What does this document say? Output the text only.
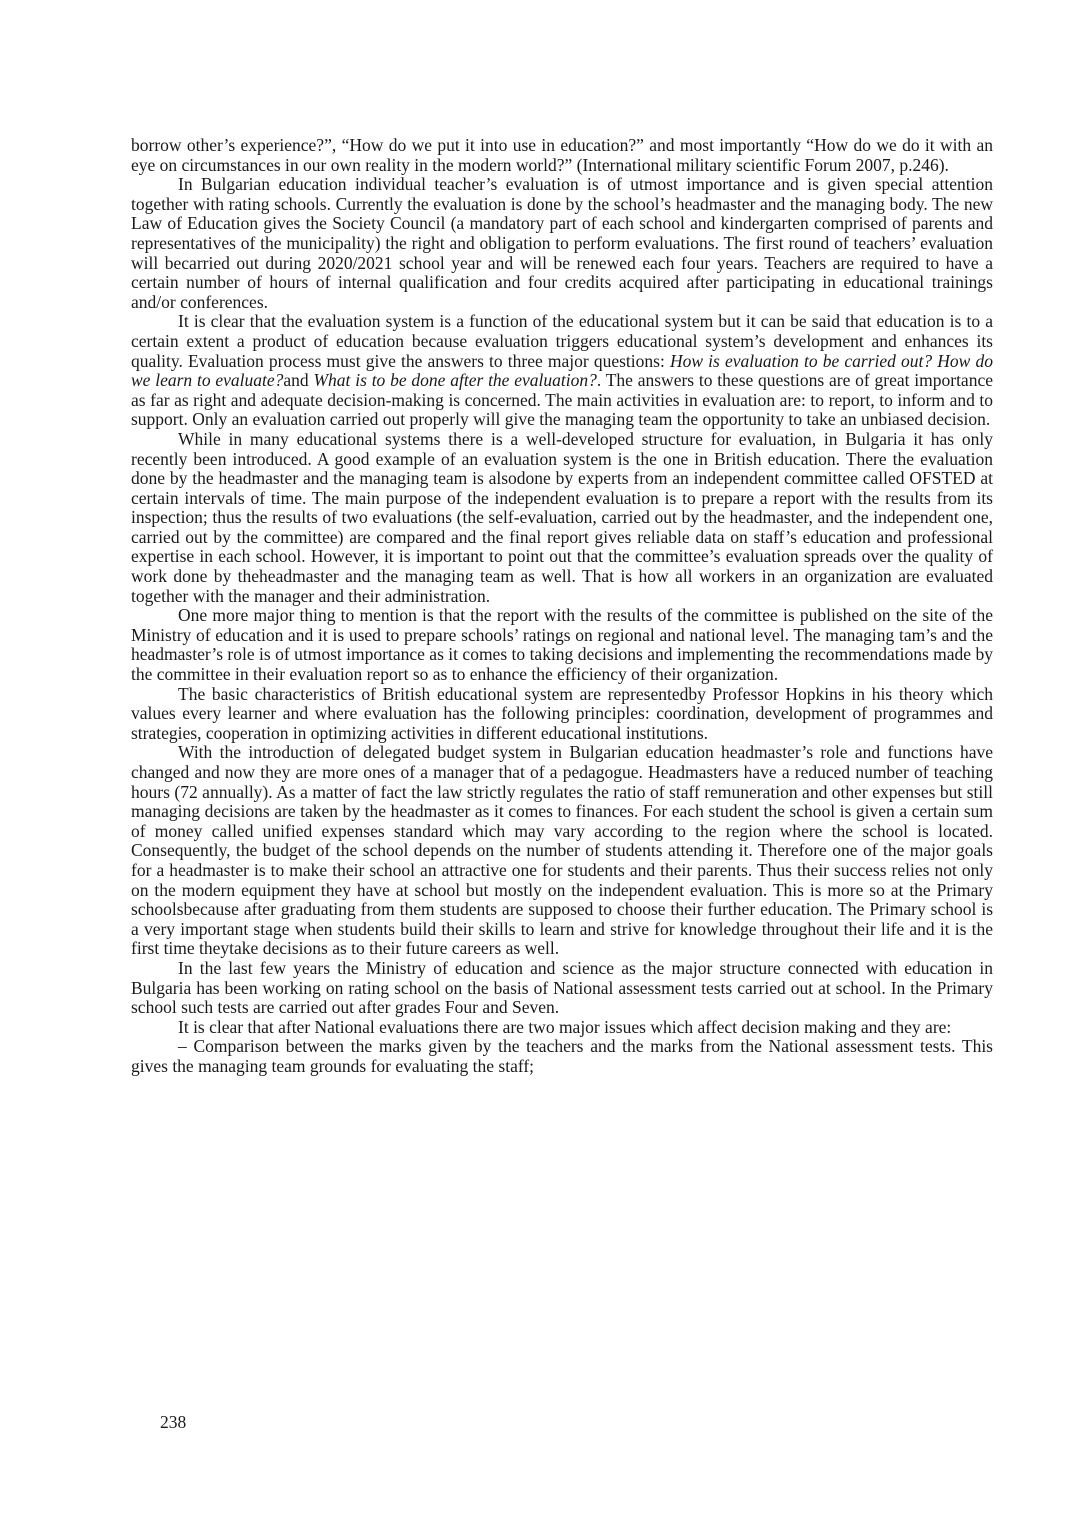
borrow other’s experience?”, “How do we put it into use in education?” and most importantly “How do we do it with an eye on circumstances in our own reality in the modern world?” (International military scientific Forum 2007, p.246).

In Bulgarian education individual teacher’s evaluation is of utmost importance and is given special attention together with rating schools. Currently the evaluation is done by the school’s headmaster and the managing body. The new Law of Education gives the Society Council (a mandatory part of each school and kindergarten comprised of parents and representatives of the municipality) the right and obligation to perform evaluations. The first round of teachers’ evaluation will becarried out during 2020/2021 school year and will be renewed each four years. Teachers are required to have a certain number of hours of internal qualification and four credits acquired after participating in educational trainings and/or conferences.

It is clear that the evaluation system is a function of the educational system but it can be said that education is to a certain extent a product of education because evaluation triggers educational system’s development and enhances its quality. Evaluation process must give the answers to three major questions: How is evaluation to be carried out? How do we learn to evaluate?and What is to be done after the evaluation?. The answers to these questions are of great importance as far as right and adequate decision-making is concerned. The main activities in evaluation are: to report, to inform and to support. Only an evaluation carried out properly will give the managing team the opportunity to take an unbiased decision.

While in many educational systems there is a well-developed structure for evaluation, in Bulgaria it has only recently been introduced. A good example of an evaluation system is the one in British education. There the evaluation done by the headmaster and the managing team is alsodone by experts from an independent committee called OFSTED at certain intervals of time. The main purpose of the independent evaluation is to prepare a report with the results from its inspection; thus the results of two evaluations (the self-evaluation, carried out by the headmaster, and the independent one, carried out by the committee) are compared and the final report gives reliable data on staff’s education and professional expertise in each school. However, it is important to point out that the committee’s evaluation spreads over the quality of work done by theheadmaster and the managing team as well. That is how all workers in an organization are evaluated together with the manager and their administration.

One more major thing to mention is that the report with the results of the committee is published on the site of the Ministry of education and it is used to prepare schools’ ratings on regional and national level. The managing tam’s and the headmaster’s role is of utmost importance as it comes to taking decisions and implementing the recommendations made by the committee in their evaluation report so as to enhance the efficiency of their organization.

The basic characteristics of British educational system are representedby Professor Hopkins in his theory which values every learner and where evaluation has the following principles: coordination, development of programmes and strategies, cooperation in optimizing activities in different educational institutions.

With the introduction of delegated budget system in Bulgarian education headmaster’s role and functions have changed and now they are more ones of a manager that of a pedagogue. Headmasters have a reduced number of teaching hours (72 annually). As a matter of fact the law strictly regulates the ratio of staff remuneration and other expenses but still managing decisions are taken by the headmaster as it comes to finances. For each student the school is given a certain sum of money called unified expenses standard which may vary according to the region where the school is located. Consequently, the budget of the school depends on the number of students attending it. Therefore one of the major goals for a headmaster is to make their school an attractive one for students and their parents. Thus their success relies not only on the modern equipment they have at school but mostly on the independent evaluation. This is more so at the Primary schoolsbecause after graduating from them students are supposed to choose their further education. The Primary school is a very important stage when students build their skills to learn and strive for knowledge throughout their life and it is the first time theytake decisions as to their future careers as well.

In the last few years the Ministry of education and science as the major structure connected with education in Bulgaria has been working on rating school on the basis of National assessment tests carried out at school. In the Primary school such tests are carried out after grades Four and Seven.

It is clear that after National evaluations there are two major issues which affect decision making and they are:

– Comparison between the marks given by the teachers and the marks from the National assessment tests. This gives the managing team grounds for evaluating the staff;

238
